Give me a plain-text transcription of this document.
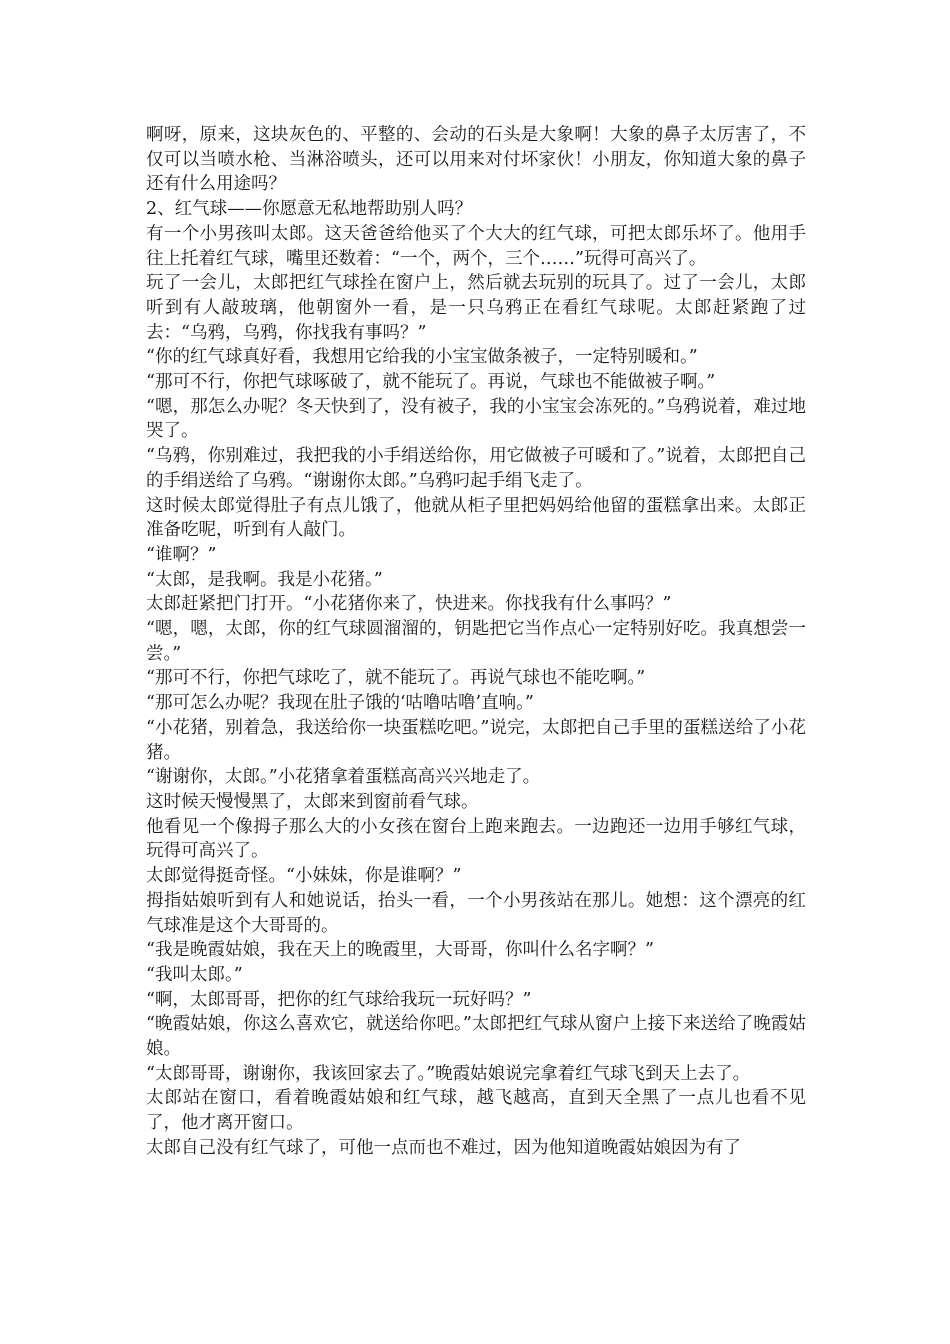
啊呀，原来，这块灰色的、平整的、会动的石头是大象啊！大象的鼻子太厉害了，不仅可以当喷水枪、当淋浴喷头，还可以用来对付坏家伙！小朋友，你知道大象的鼻子还有什么用途吗？

2、红气球——你愿意无私地帮助别人吗？

有一个小男孩叫太郎。这天爸爸给他买了个大大的红气球，可把太郎乐坏了。他用手往上托着红气球，嘴里还数着：“一个，两个，三个……”玩得可高兴了。

玩了一会儿，太郎把红气球拴在窗户上，然后就去玩别的玩具了。过了一会儿，太郎听到有人敲玻璃，他朝窗外一看，是一只乌鸦正在看红气球呢。太郎赶紧跑了过去：“乌鸦，乌鸦，你找我有事吗？”

“你的红气球真好看，我想用它给我的小宝宝做条被子，一定特别暖和。”

“那可不行，你把气球啄破了，就不能玩了。再说，气球也不能做被子啊。”

“嗯，那怎么办呢？冬天快到了，没有被子，我的小宝宝会冻死的。”乌鸦说着，难过地哭了。

“乌鸦，你别难过，我把我的小手绢送给你，用它做被子可暖和了。”说着，太郎把自己的手绢送给了乌鸦。“谢谢你太郎。”乌鸦叼起手绢飞走了。

这时候太郎觉得肚子有点儿饿了，他就从柜子里把妈妈给他留的蛋糕拿出来。太郎正准备吃呢，听到有人敲门。

“谁啊？”

“太郎，是我啊。我是小花猪。”

太郎赶紧把门打开。“小花猪你来了，快进来。你找我有什么事吗？”

“嗯，嗯，太郎，你的红气球圆溜溜的，钥匙把它当作点心一定特别好吃。我真想尝一尝。”

“那可不行，你把气球吃了，就不能玩了。再说气球也不能吃啊。”

“那可怎么办呢？我现在肚子饿的‘咕噜咕噜’直响。”

“小花猪，别着急，我送给你一块蛋糕吃吧。”说完，太郎把自己手里的蛋糕送给了小花猪。

“谢谢你，太郎。”小花猪拿着蛋糕高高兴兴地走了。

这时候天慢慢黑了，太郎来到窗前看气球。

他看见一个像拇子那么大的小女孩在窗台上跑来跑去。一边跑还一边用手够红气球，玩得可高兴了。

太郎觉得挺奇怪。“小妹妹，你是谁啊？”

拇指姑娘听到有人和她说话，抬头一看，一个小男孩站在那儿。她想：这个漂亮的红气球准是这个大哥哥的。

“我是晚霞姑娘，我在天上的晚霞里，大哥哥，你叫什么名字啊？”

“我叫太郎。”

“啊，太郎哥哥，把你的红气球给我玩一玩好吗？”

“晚霞姑娘，你这么喜欢它，就送给你吧。”太郎把红气球从窗户上接下来送给了晚霞姑娘。

“太郎哥哥，谢谢你，我该回家去了。”晚霞姑娘说完拿着红气球飞到天上去了。

太郎站在窗口，看着晚霞姑娘和红气球，越飞越高，直到天全黑了一点儿也看不见了，他才离开窗口。

太郎自己没有红气球了，可他一点而也不难过，因为他知道晚霞姑娘因为有了
